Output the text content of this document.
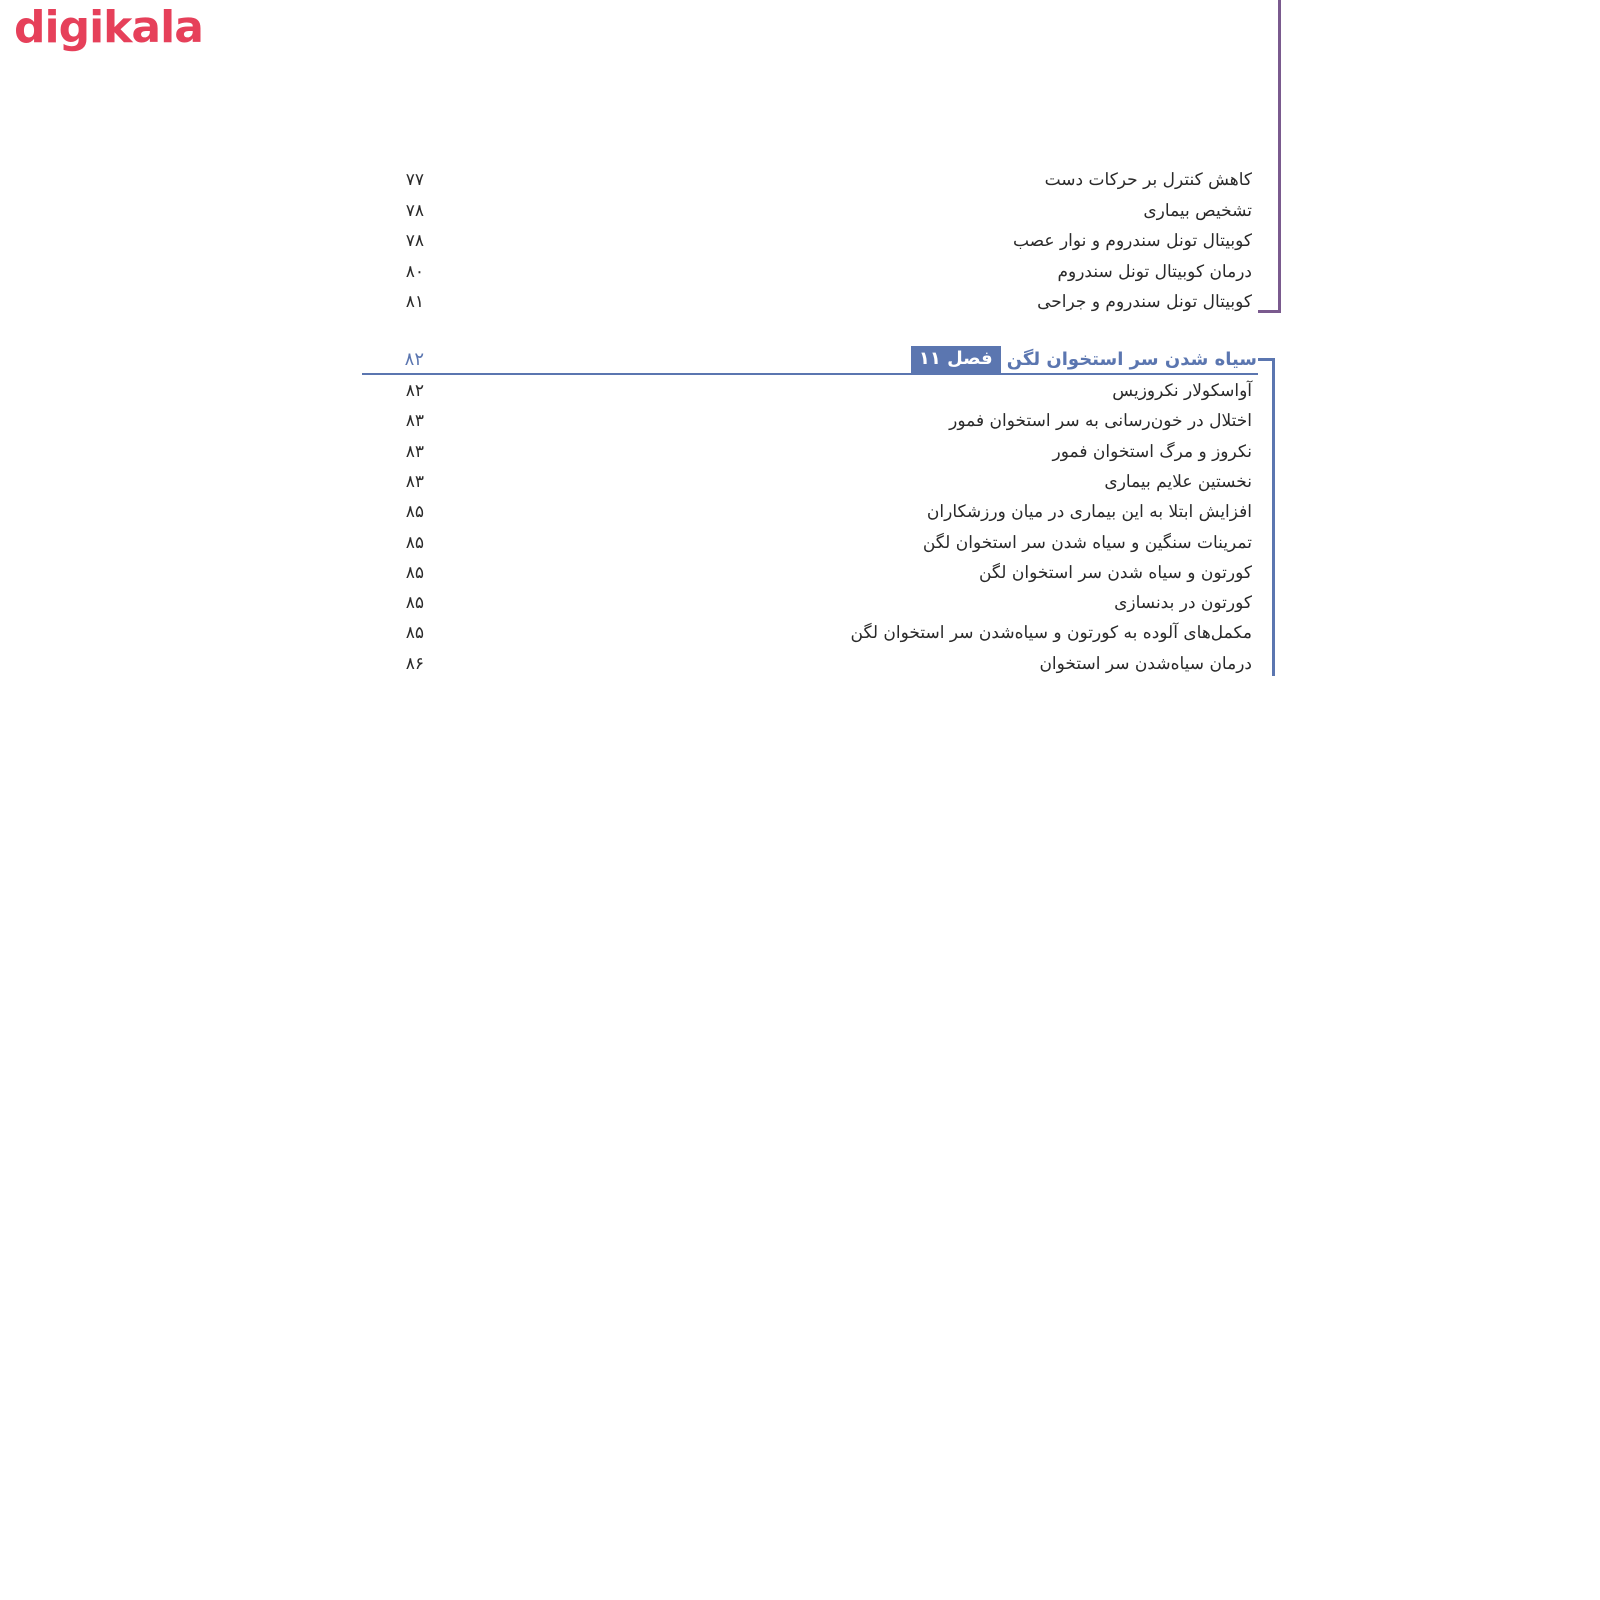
digikala
۷۷	کاهش کنترل بر حرکات دست
۷۸	تشخیص بیماری
۷۸	کوبیتال تونل سندروم و نوار عصب
۸۰	درمان کوبیتال تونل سندروم
۸۱	کوبیتال تونل سندروم و جراحی
۸۲	فصل ۱۱ سیاه شدن سر استخوان لگن
۸۲	آواسکولار نکروزیس
۸۳	اختلال در خون‌رسانی به سر استخوان فمور
۸۳	نکروز و مرگ استخوان فمور
۸۳	نخستین علایم بیماری
۸۵	افزایش ابتلا به این بیماری در میان ورزشکاران
۸۵	تمرینات سنگین و سیاه شدن سر استخوان لگن
۸۵	کورتون و سیاه شدن سر استخوان لگن
۸۵	کورتون در بدنسازی
۸۵	مکمل‌های آلوده به کورتون و سیاه‌شدن سر استخوان لگن
۸۶	درمان سیاه‌شدن سر استخوان
